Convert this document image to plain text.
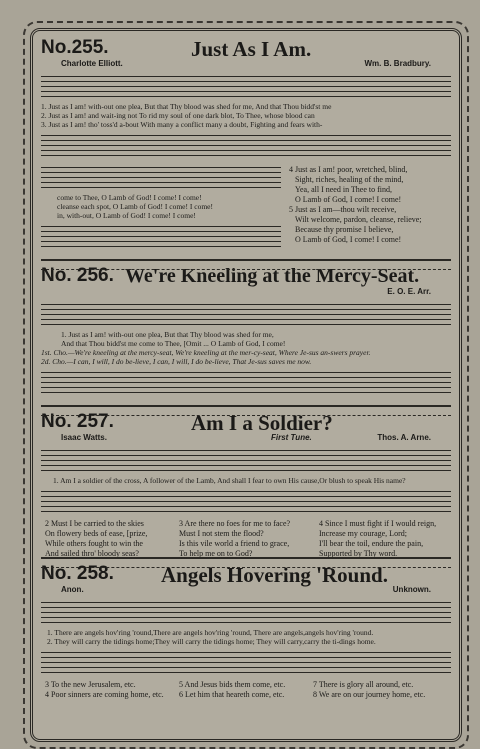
No.255.	Just As I Am.
Charlotte Elliott.	Wm. B. Bradbury.
1. Just as I am! with-out one plea, But that Thy blood was shed for me, And that Thou bidd'st me
2. Just as I am! and wait-ing not To rid my soul of one dark blot, To Thee, whose blood can
3. Just as I am! tho' toss'd a-bout With many a conflict many a doubt, Fighting and fears with-
come to Thee, O Lamb of God! I come! I come!
cleanse each spot, O Lamb of God! I come! I come!
in, with-out, O Lamb of God! I come! I come!
4 Just as I am! poor, wretched, blind,
Sight, riches, healing of the mind,
Yea, all I need in Thee to find,
O Lamb of God, I come! I come!
5 Just as I am—thou wilt receive,
Wilt welcome, pardon, cleanse, relieve;
Because thy promise I believe,
O Lamb of God, I come! I come!
No. 256. We're Kneeling at the Mercy-Seat.
E. O. E. Arr.
1. Just as I am! with-out one plea, But that Thy blood was shed for me,
And that Thou bidd'st me come to Thee, [Omit ... O Lamb of God, I come!
1st. Cho.—We're kneeling at the mercy-seat, We're kneeling at the mer-cy-seat, Where Je-sus an-swers prayer.
2d. Cho.—I can, I will, I do be-lieve, I can, I will, I do be-lieve, That Je-sus saves me now.
No. 257.	Am I a Soldier?
Isaac Watts.	First Tune.	Thos. A. Arne.
1. Am I a soldier of the cross, A follower of the Lamb, And shall I fear to own His cause,Or blush to speak His name?
2 Must I be carried to the skies
On flowery beds of ease, [prize,
While others fought to win the
And sailed thro' bloody seas?
3 Are there no foes for me to face?
Must I not stem the flood?
Is this vile world a friend to grace,
To help me on to God?
4 Since I must fight if I would reign,
Increase my courage, Lord;
I'll bear the toil, endure the pain,
Supported by Thy word.
No. 258. Angels Hovering 'Round.
Anon.	Unknown.
1. There are angels hov'ring 'round,There are angels hov'ring 'round, There are angels,angels hov'ring 'round.
2. They will carry the tidings home;They will carry the tidings home; They will carry,carry the ti-dings home.
3 To the new Jerusalem, etc.
4 Poor sinners are coming home, etc.
5 And Jesus bids them come, etc.
6 Let him that heareth come, etc.
7 There is glory all around, etc.
8 We are on our journey home, etc.
